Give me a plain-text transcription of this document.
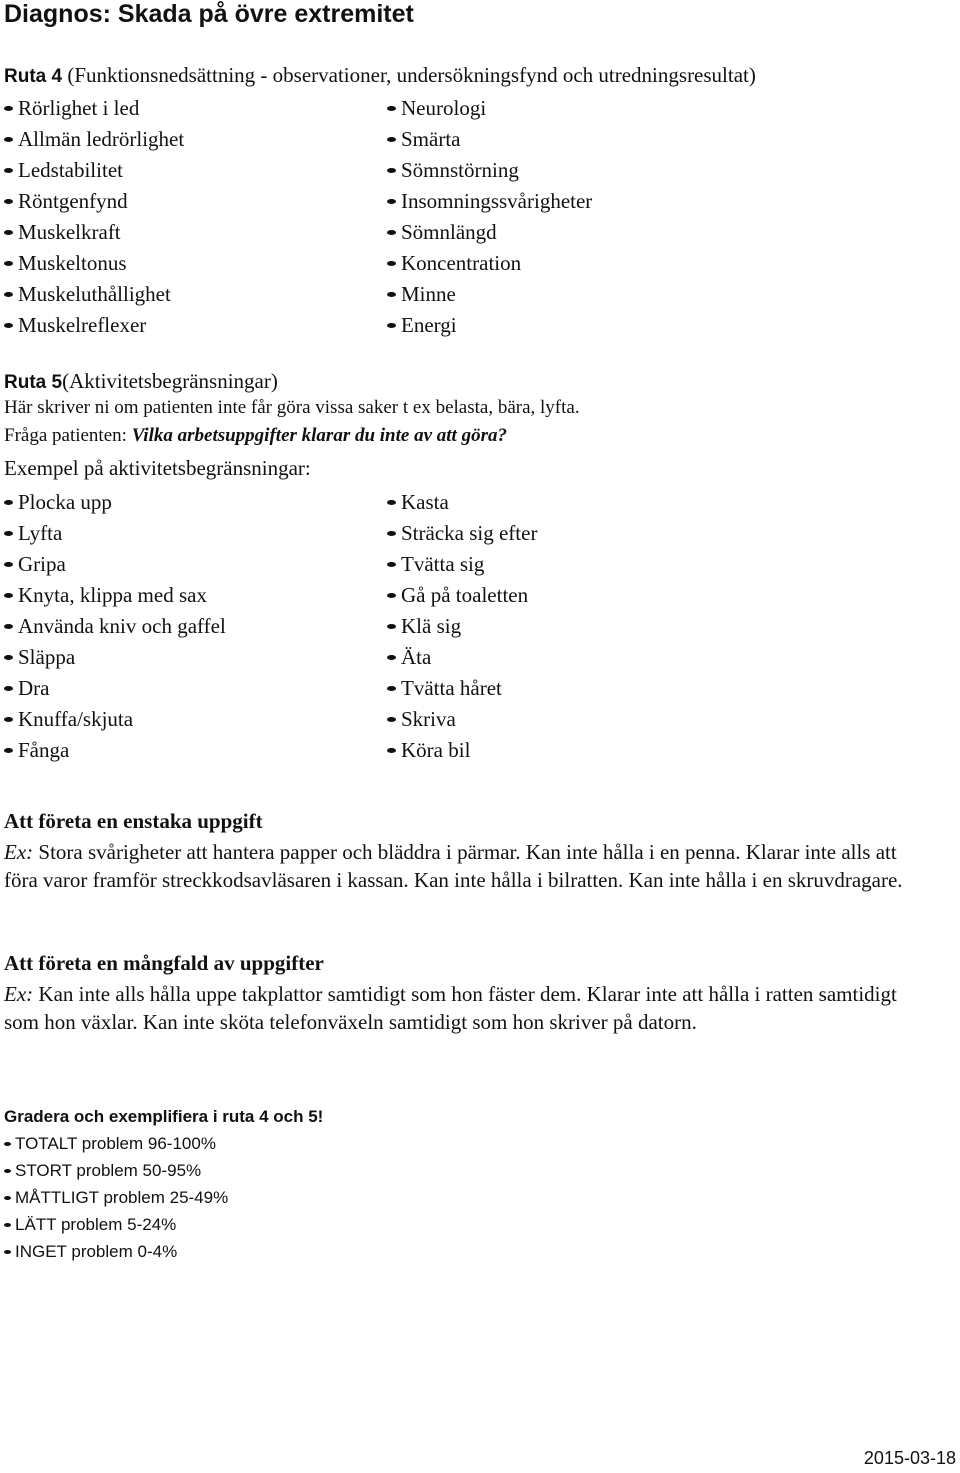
Diagnos: Skada på övre extremitet
Ruta 4 (Funktionsnedsättning - observationer, undersökningsfynd och utredningsresultat)
Rörlighet i led
Allmän ledrörlighet
Ledstabilitet
Röntgenfynd
Muskelkraft
Muskeltonus
Muskeluthållighet
Muskelreflexer
Neurologi
Smärta
Sömnstörning
Insomningssvårigheter
Sömnlängd
Koncentration
Minne
Energi
Ruta 5(Aktivitetsbegränsningar)
Här skriver ni om patienten inte får göra vissa saker t ex belasta, bära, lyfta.
Fråga patienten: Vilka arbetsuppgifter klarar du inte av att göra?
Exempel på aktivitetsbegränsningar:
Plocka upp
Lyfta
Gripa
Knyta, klippa med sax
Använda kniv och gaffel
Släppa
Dra
Knuffa/skjuta
Fånga
Kasta
Sträcka sig efter
Tvätta sig
Gå på toaletten
Klä sig
Äta
Tvätta håret
Skriva
Köra bil
Att företa en enstaka uppgift
Ex: Stora svårigheter att hantera papper och bläddra i pärmar. Kan inte hålla i en penna. Klarar inte alls att föra varor framför streckkodsavläsaren i kassan. Kan inte hålla i bilratten. Kan inte hålla i en skruvdragare.
Att företa en mångfald av uppgifter
Ex: Kan inte alls hålla uppe takplattor samtidigt som hon fäster dem. Klarar inte att hålla i ratten samtidigt som hon växlar. Kan inte sköta telefonväxeln samtidigt som hon skriver på datorn.
Gradera och exemplifiera i ruta 4 och 5!
TOTALT problem 96-100%
STORT problem 50-95%
MÅTTLIGT problem 25-49%
LÄTT problem 5-24%
INGET problem 0-4%
2015-03-18
